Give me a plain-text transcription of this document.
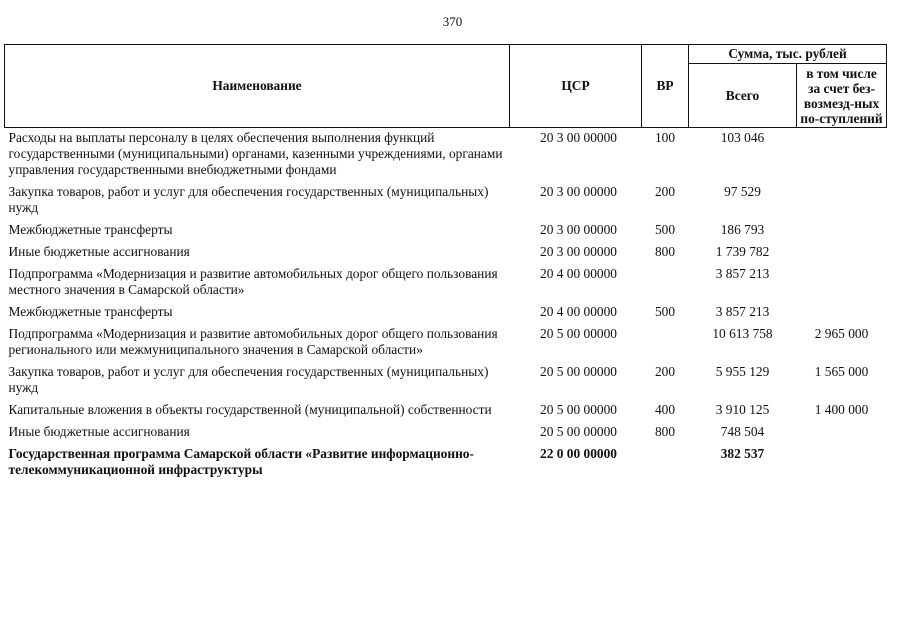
370
Наименование	ЦСР	ВР	Сумма, тыс. рублей	
			Всего	в том числе за счет без-возмезд-ных по-ступлений
Расходы на выплаты персоналу в целях обеспечения выполнения функций государственными (муниципальными) органами, казенными учреждениями, органами управления государственными внебюджетными фондами	20 3 00 00000	100	103 046	
Закупка товаров, работ и услуг для обеспечения государственных (муниципальных) нужд	20 3 00 00000	200	97 529	
Межбюджетные трансферты	20 3 00 00000	500	186 793	
Иные бюджетные ассигнования	20 3 00 00000	800	1 739 782	
Подпрограмма «Модернизация и развитие автомобильных дорог общего пользования местного значения в Самарской области»	20 4 00 00000		3 857 213	
Межбюджетные трансферты	20 4 00 00000	500	3 857 213	
Подпрограмма «Модернизация и развитие автомобильных дорог общего пользования регионального или межмуниципального значения в Самарской области»	20 5 00 00000		10 613 758	2 965 000
Закупка товаров, работ и услуг для обеспечения государственных (муниципальных) нужд	20 5 00 00000	200	5 955 129	1 565 000
Капитальные вложения в объекты государственной (муниципальной) собственности	20 5 00 00000	400	3 910 125	1 400 000
Иные бюджетные ассигнования	20 5 00 00000	800	748 504	
Государственная программа Самарской области «Развитие информационно-телекоммуникационной инфраструктуры	22 0 00 00000		382 537	
